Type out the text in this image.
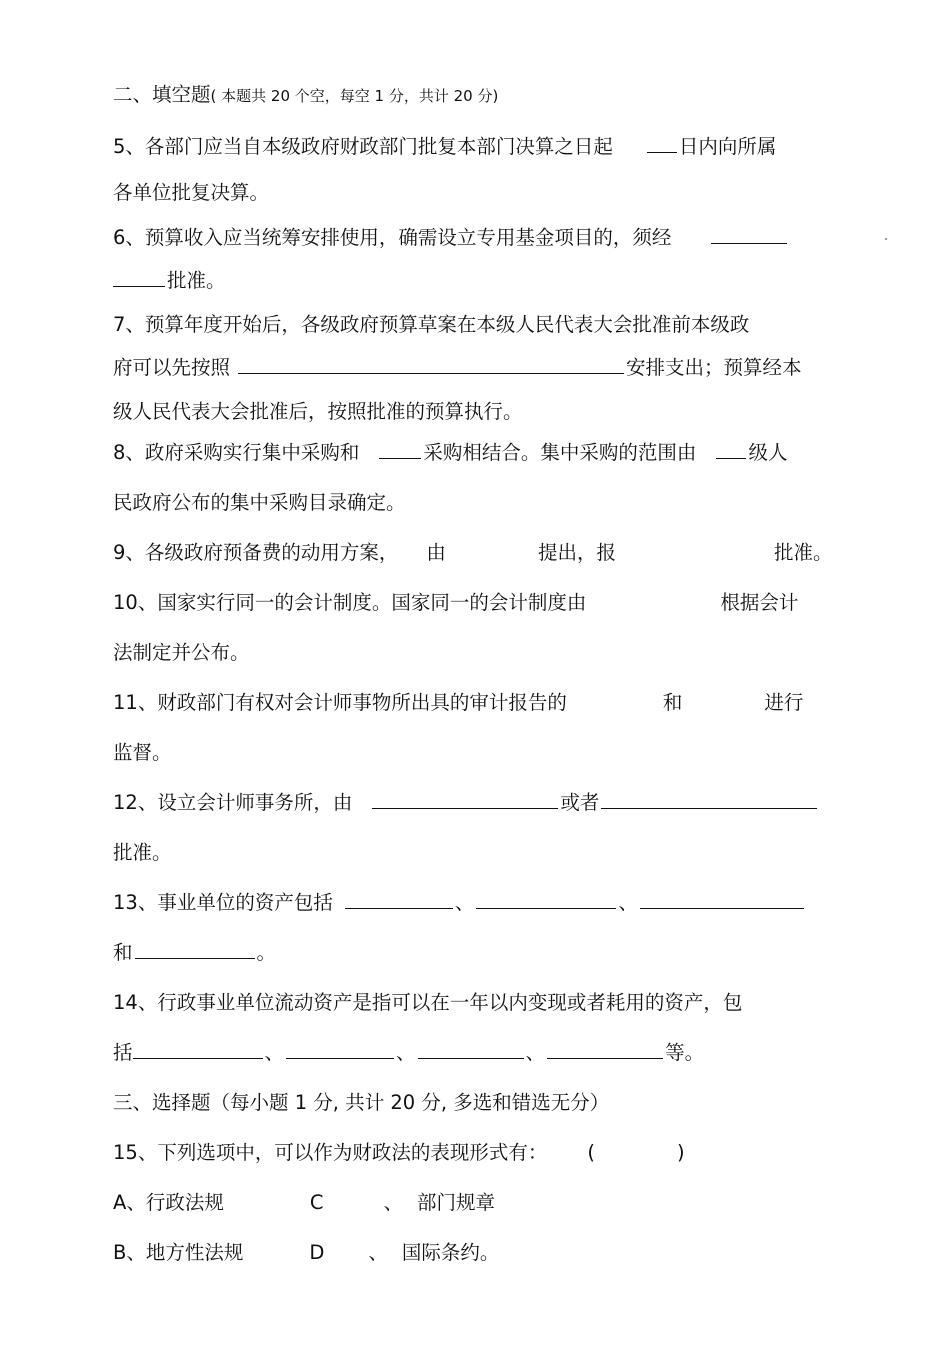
二、填空题( 本题共 20 个空，每空 1 分，共计 20 分)
5、各部门应当自本级政府财政部门批复本部门决算之日起	日内向所属
各单位批复决算。
6、预算收入应当统筹安排使用，确需设立专用基金项目的，须经
批准。
7、预算年度开始后，各级政府预算草案在本级人民代表大会批准前本级政
府可以先按照	安排支出；预算经本
级人民代表大会批准后，按照批准的预算执行。
8、政府采购实行集中采购和	采购相结合。集中采购的范围由	级人
民政府公布的集中采购目录确定。
9、各级政府预备费的动用方案， 由	提出，报	批准。
10、国家实行同一的会计制度。国家同一的会计制度由	根据会计
法制定并公布。
11、财政部门有权对会计师事物所出具的审计报告的	和	进行
监督。
12、设立会计师事务所，由	或者
批准。
13、事业单位的资产包括	、	、
和	。
14、行政事业单位流动资产是指可以在一年以内变现或者耗用的资产，包
括	、	、	、	等。
三、选择题（每小题 1 分, 共计 20 分, 多选和错选无分）
15、下列选项中，可以作为财政法的表现形式有： (	)
A、行政法规	C	、 部门规章
B、地方性法规	D 、 国际条约。
